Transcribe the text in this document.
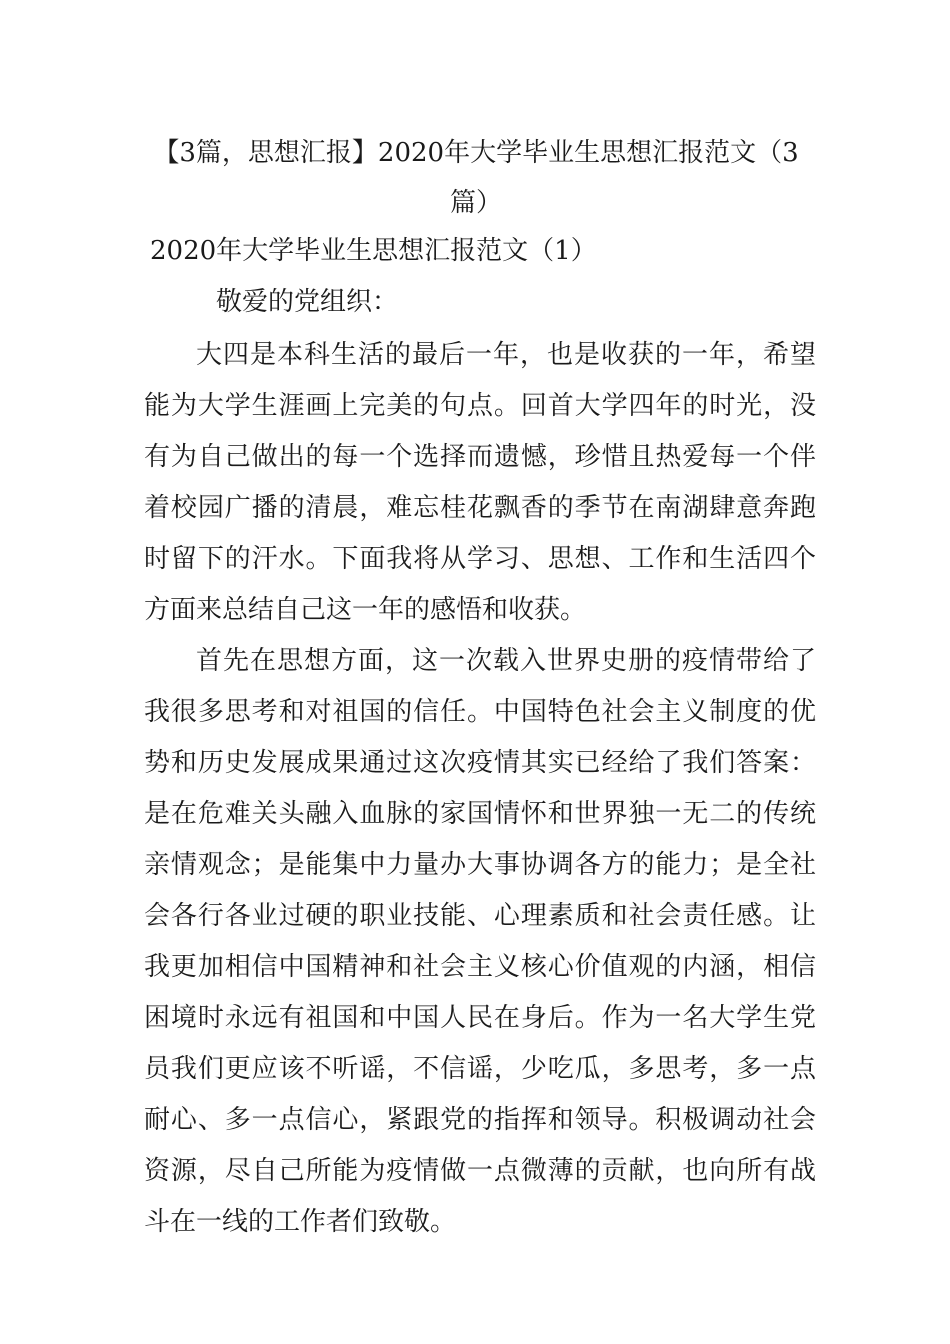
【3篇，思想汇报】2020年大学毕业生思想汇报范文（3篇）
2020年大学毕业生思想汇报范文（1）
敬爱的党组织：

大四是本科生活的最后一年，也是收获的一年，希望能为大学生涯画上完美的句点。回首大学四年的时光，没有为自己做出的每一个选择而遗憾，珍惜且热爱每一个伴着校园广播的清晨，难忘桂花飘香的季节在南湖肆意奔跑时留下的汗水。下面我将从学习、思想、工作和生活四个方面来总结自己这一年的感悟和收获。

首先在思想方面，这一次载入世界史册的疫情带给了我很多思考和对祖国的信任。中国特色社会主义制度的优势和历史发展成果通过这次疫情其实已经给了我们答案：是在危难关头融入血脉的家国情怀和世界独一无二的传统亲情观念；是能集中力量办大事协调各方的能力；是全社会各行各业过硬的职业技能、心理素质和社会责任感。让我更加相信中国精神和社会主义核心价值观的内涵，相信困境时永远有祖国和中国人民在身后。作为一名大学生党员我们更应该不听谣，不信谣，少吃瓜，多思考，多一点耐心、多一点信心，紧跟党的指挥和领导。积极调动社会资源，尽自己所能为疫情做一点微薄的贡献，也向所有战斗在一线的工作者们致敬。
